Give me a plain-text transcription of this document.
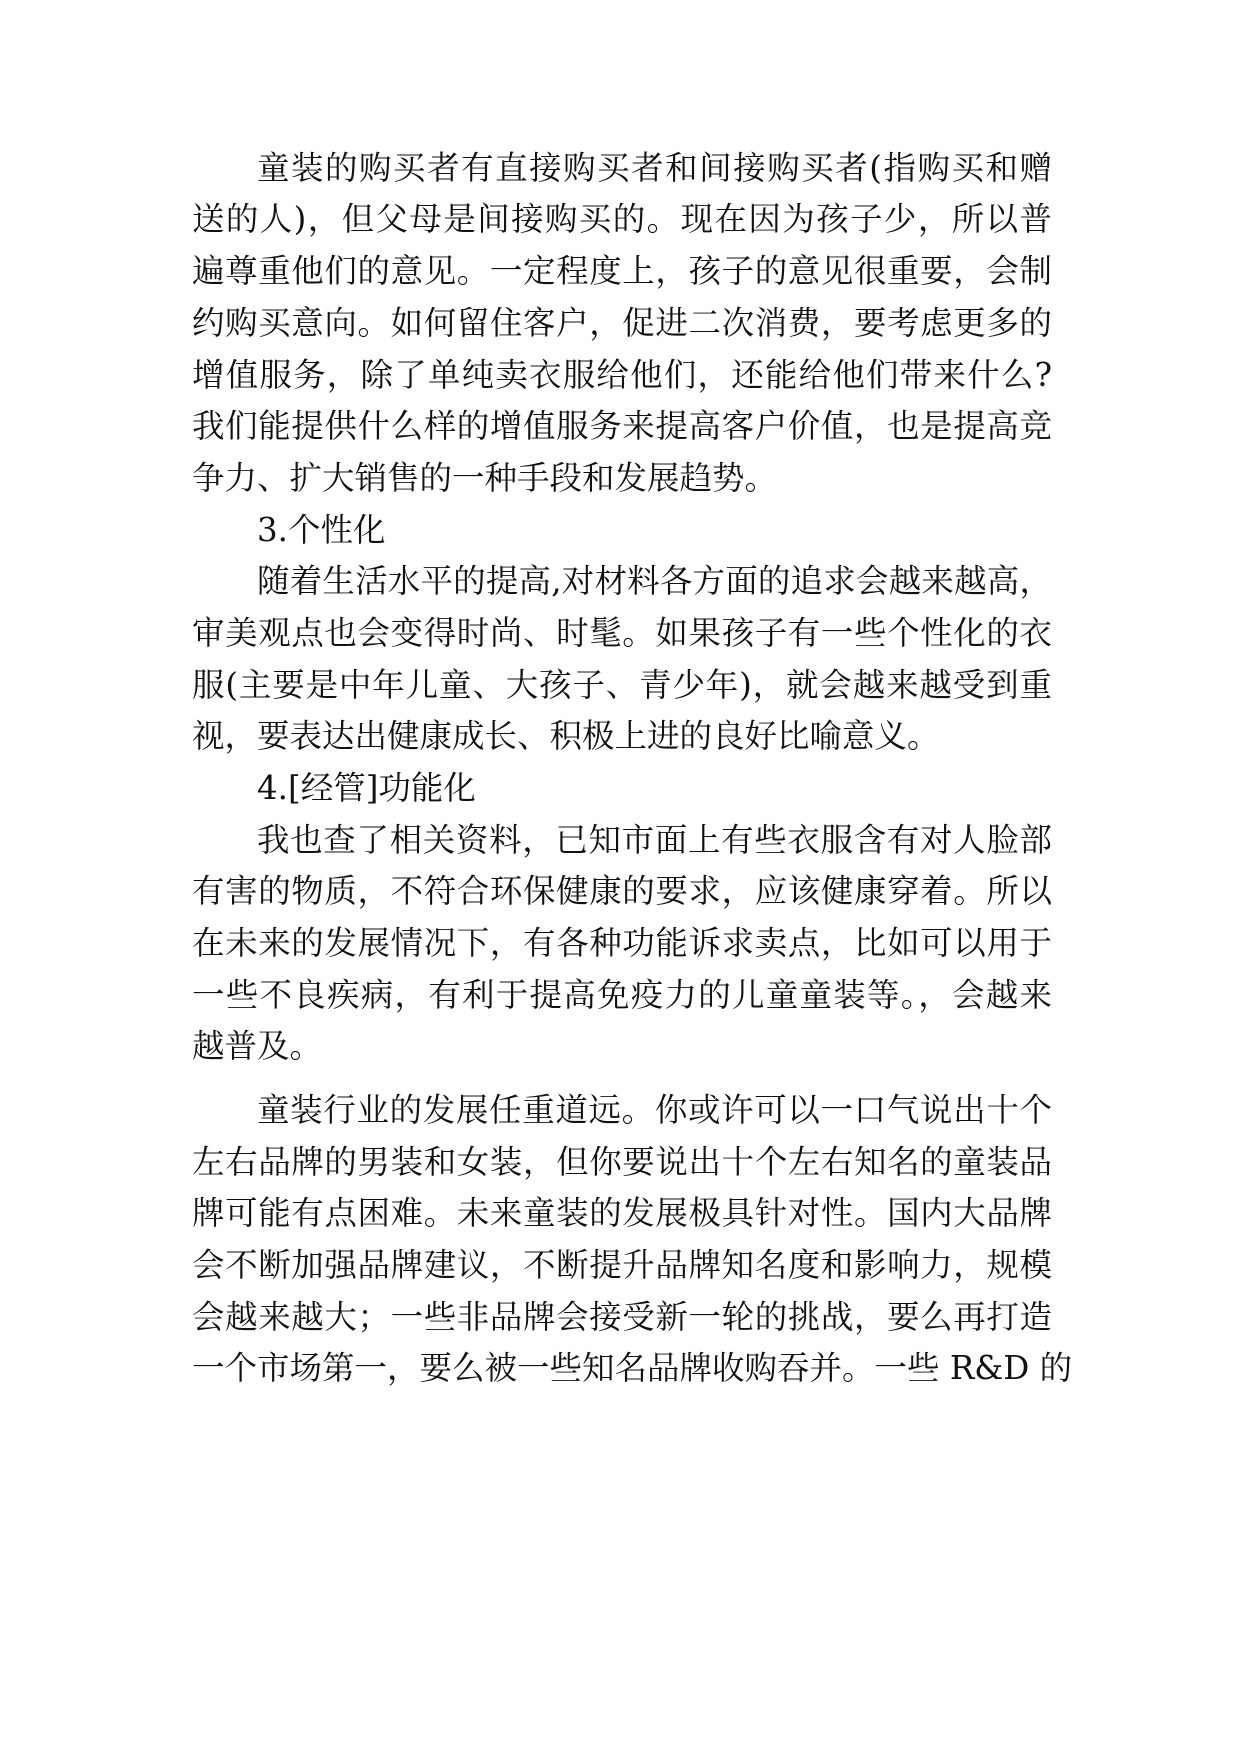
童装的购买者有直接购买者和间接购买者(指购买和赠
送的人)，但父母是间接购买的。现在因为孩子少，所以普
遍尊重他们的意见。一定程度上，孩子的意见很重要，会制
约购买意向。如何留住客户，促进二次消费，要考虑更多的
增值服务，除了单纯卖衣服给他们，还能给他们带来什么?
我们能提供什么样的增值服务来提高客户价值，也是提高竞
争力、扩大销售的一种手段和发展趋势。
3.个性化
随着生活水平的提高,对材料各方面的追求会越来越高，
审美观点也会变得时尚、时髦。如果孩子有一些个性化的衣
服(主要是中年儿童、大孩子、青少年)，就会越来越受到重
视，要表达出健康成长、积极上进的良好比喻意义。
4.[经管]功能化
我也查了相关资料，已知市面上有些衣服含有对人脸部
有害的物质，不符合环保健康的要求，应该健康穿着。所以
在未来的发展情况下，有各种功能诉求卖点，比如可以用于
一些不良疾病，有利于提高免疫力的儿童童装等。，会越来
越普及。
童装行业的发展任重道远。你或许可以一口气说出十个
左右品牌的男装和女装，但你要说出十个左右知名的童装品
牌可能有点困难。未来童装的发展极具针对性。国内大品牌
会不断加强品牌建议，不断提升品牌知名度和影响力，规模
会越来越大；一些非品牌会接受新一轮的挑战，要么再打造
一个市场第一，要么被一些知名品牌收购吞并。一些 R&D 的
